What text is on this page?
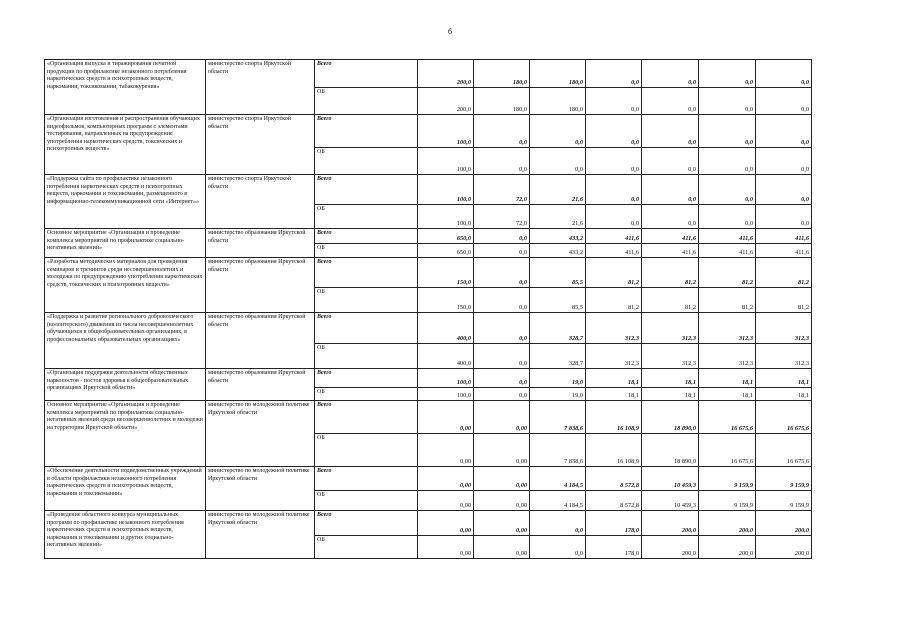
6
«Организация выпуска и тиражирования печатной продукции по профилактике незаконного потребления наркотических средств и психотропных веществ, наркомании, токсикомании, табакокурения»	министерство спорта Иркутской области	Всего	200,0	180,0	180,0	0,0	0,0	0,0	0,0
		ОБ	200,0	180,0	180,0	0,0	0,0	0,0	0,0
«Организация изготовления и распространения обучающих видеофильмов, компьютерных программ с элементами тестирования, направленных на предупреждение употребления наркотических средств, токсических и психотропных веществ»	министерство спорта Иркутской области	Всего	100,0	0,0	0,0	0,0	0,0	0,0	0,0
		ОБ	100,0	0,0	0,0	0,0	0,0	0,0	0,0
«Поддержка сайта по профилактике незаконного потребления наркотических средств и психотропных веществ, наркомании и токсикомании, размещенного в информационно-телекоммуникационной сети «Интернет»»	министерство спорта Иркутской области	Всего	100,0	72,0	21,6	0,0	0,0	0,0	0,0
		ОБ	100,0	72,0	21,6	0,0	0,0	0,0	0,0
Основное мероприятие «Организация и проведение комплекса мероприятий по профилактике социально-негативных явлений»	министерство образования Иркутской области	Всего	650,0	0,0	433,2	411,6	411,6	411,6	411,6
		ОБ	650,0	0,0	433,2	411,6	411,6	411,6	411,6
«Разработка методических материалов для проведения семинаров и тренингов среди несовершеннолетних и молодежи по предупреждению употребления наркотических средств, токсических и психотропных веществ»	министерство образования Иркутской области	Всего	150,0	0,0	85,5	81,2	81,2	81,2	81,2
		ОБ	150,0	0,0	85,5	81,2	81,2	81,2	81,2
«Поддержка и развитие регионального добровольческого (волонтерского) движения из числа несовершеннолетних обучающихся в общеобразовательных организациях, в профессиональных образовательных организациях»	министерство образования Иркутской области	Всего	400,0	0,0	328,7	312,3	312,3	312,3	312,3
		ОБ	400,0	0,0	328,7	312,3	312,3	312,3	312,3
«Организация поддержки деятельности общественных наркопостов - постов здоровья в общеобразовательных организациях Иркутской области»	министерство образования Иркутской области	Всего	100,0	0,0	19,0	18,1	18,1	18,1	18,1
		ОБ	100,0	0,0	19,0	18,1	18,1	18,1	18,1
Основное мероприятие «Организация и проведение комплекса мероприятий по профилактике социально-негативных явлений среди несовершеннолетних и молодежи на территории Иркутской области»	министерство по молодежной политике Иркутской области	Всего	0,00	0,00	7 838,6	16 108,9	18 890,0	16 675,6	16 675,6
		ОБ	0,00	0,00	7 838,6	16 108,9	18 890,0	16 675,6	16 675,6
«Обеспечение деятельности подведомственных учреждений в области профилактики незаконного потребления наркотических средств и психотропных веществ, наркомании и токсикомании»	министерство по молодежной политике Иркутской области	Всего	0,00	0,00	4 184,5	8 572,8	10 459,3	9 159,9	9 159,9
		ОБ	0,00	0,00	4 184,5	8 572,8	10 459,3	9 159,9	9 159,9
«Проведение областного конкурса муниципальных программ по профилактике незаконного потребления наркотических средств и психотропных веществ, наркомании и токсикомании и других социально-негативных явлений»	министерство по молодежной политике Иркутской области	Всего	0,00	0,00	0,0	178,0	200,0	200,0	200,0
		ОБ	0,00	0,00	0,0	178,0	200,0	200,0	200,0
